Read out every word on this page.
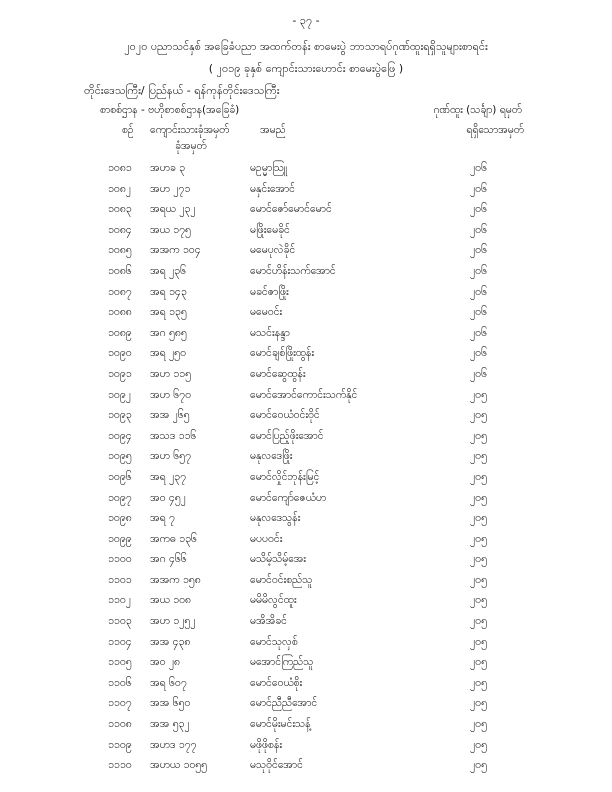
- ၃၇ -
၂၀၂၀ ပညာသင်နှစ် အခြေခံပညာ အထက်တန်း စာမေးပွဲ ဘာသာရပ်ဂုဏ်ထူးရရှိသူများစာရင်း
( ၂၀၁၉ ခုနှစ် ကျောင်းသားဟောင်း စာမေးပွဲဖြေ )
တိုင်းဒေသကြီး/ ပြည်နယ် - ရန်ကုန်တိုင်းဒေသကြီး
စာစစ်ဌာန - ဗဟိုစာစစ်ဌာန(အခြေခံ)	ဂုဏ်ထူး (သင်္ချာ) ရမှတ်
စဉ် ကျောင်းသားခုံအမှတ်
ခုံအမှတ်
အမည်	ရရှိသောအမှတ်
၁၀၈၁ အဟခ ၃	မဥမ္မာသြူ	၂၀၆
၁၀၈၂ အဟ ၂၇၁	မနှင်းအောင်	၂၀၆
၁၀၈၃ အရယ ၂၃၂	မောင်ဇော်မောင်မောင်	၂၀၆
၁၀၈၄ အယ ၁၇၅	မဖြိုးမေခိုင်	၂၀၆
၁၀၈၅ အအက ၁၀၄	မမေပုလဲခိုင်	၂၀၆
၁၀၈၆ အရ ၂၃၆	မောင်ဟိန်းသက်အောင်	၂၀၆
၁၀၈၇ အရ ၁၄၃	မခင်ဇာဖြိုး	၂၀၆
၁၀၈၈ အရ ၁၃၅	မမေဝင်း	၂၀၆
၁၀၈၉ အဂ ၅၈၅	မသင်းနန္ဒာ	၂၀၆
၁၀၉၀ အရ ၂၅၀	မောင်ချစ်ဖြိုးထွန်း	၂၀၆
၁၀၉၁ အဟ ၁၁၅	မောင်ဆွေထွန်း	၂၀၆
၁၀၉၂ အဟ ၆၇၀	မောင်အောင်ကောင်းသက်နိုင်	၂၀၅
၁၀၉၃ အအ ၂၆၅	မောင်ဝေယံဝင်းဝိုင်	၂၀၅
၁၀၉၄ အသဒ ၁၁၆	မောင်ပြည့်ဖိုးအောင်	၂၀၅
၁၀၉၅ အဟ ၆၅၇	မနုလဒေဖြိုး	၂၀၅
၁၀၉၆ အရ ၂၃၇	မောင်လှိုင်ဘုန်းမြင့်	၂၀၅
၁၀၉၇ အဝ ၄၅၂	မောင်ကျော်ဇေယံဟ	၂၀၅
၁၀၉၈ အရ ၇	မနုလဒေသွန်း	၂၀၅
၁၀၉၉ အကဓ ၁၃၆	မပပဝင်း	၂၀၅
၁၁၀၀ အဂ ၄၆၆	မသိမ့်သိမ့်အေး	၂၀၅
၁၁၀၁ အအက ၁၅၈	မောင်ဝင်းစည်သူ	၂၀၅
၁၁၀၂ အယ ၁၀၈	မမိမိလွင်ထူး	၂၀၅
၁၁၀၃ အဟ ၁၂၅၂	မအိအိခင်	၂၀၅
၁၁၀၄ အအ ၄၃၈	မောင်သုလှစ်	၂၀၅
၁၁၀၅ အဝ ၂၈	မအောင်ကြည်သူ	၂၀၅
၁၁၀၆ အရ ၆၀၇	မောင်ဝေယံစိုး	၂၀၅
၁၁၀၇ အအ ၆၅၀	မောင်ညီညီအောင်	၂၀၅
၁၁၀၈ အအ ၅၃၂	မောင်မိုးမင်းသန့်	၂၀၅
၁၁၀၉ အဟဒ ၁၇၇	မဖိုဖိုစန်း	၂၀၅
၁၁၁၀ အဟယ ၁၀၅၅	မသုဝိုင်အောင်	၂၀၅
